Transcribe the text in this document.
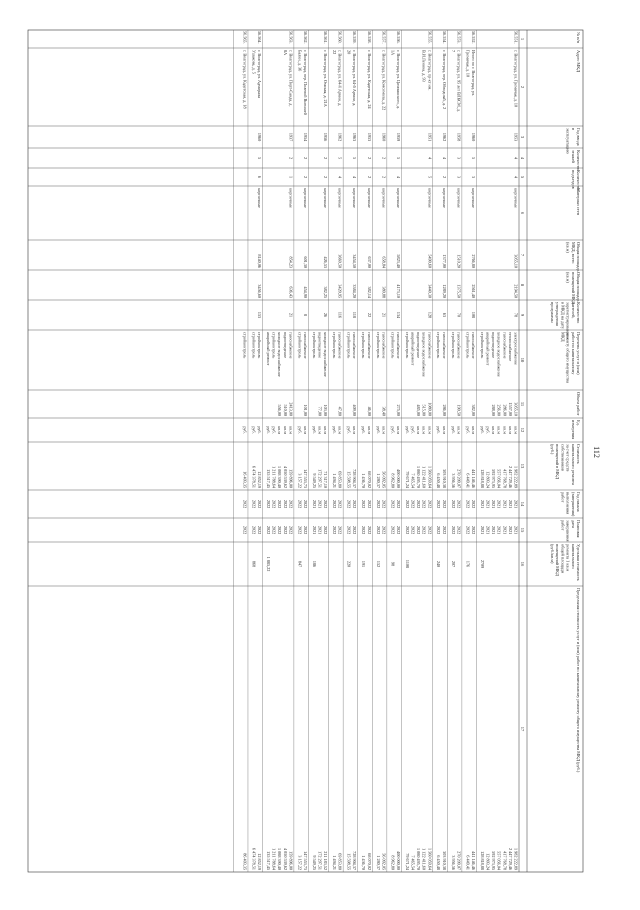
№ п/п
Адрес МКД
Год ввода
в
эксплуатацию
Количество
этажей
Количество
подъездов
Материал стен
Общая площадь
МКД, всего
(кв.м)
Общая площадь
помещений МКД
(кв.м)
Количество
жителей,
зарегистрированных
в МКД на дату
утверждения
программы
Перечень услуг и (или)
работ по капитальному
ремонту общего имущества
МКД
Объем работ
Ед.
измерения
Стоимость
капитального ремонта
за счет средств
собственников
помещений в МКД
(руб.)
Год начала
(завершения)
выполнения
работ
Плановая
дата
завершения
работ
Удельная стоимость
капитального
ремонта 1 кв.м
общей площади
помещений МКД
(руб./кв.м)
Предельная стоимость услуг и (или) работ по капитальному ремонту общего имущества МКД (руб.)
1
2
3
4
5
6
7
8
9
10
11
12
13
14
15
16
17
56.551.
г. Волгоград, ул. Гремячая, д. 10
1953
4
4
кирпичные
3055,10
2194,50
78
электроснабжение
3055,10
кв.м
1 982 222,89
2021
2021
1 982 222,89
теплоснабжение
1557,00
кв.м
2 447 729,46
2021
2021
2 447 729,46
газоснабжение
286,00
кв.м
417 768,78
2021
2021
417 768,78
холодное водоснабжение
256,00
кв.м
557 056,04
2021
2021
557 056,04
водоотведение
288,00
кв.м
592 973,95
2021
2021
592 973,95
аварийный ремонт
руб.
12 803,24
2021
2021
12 803,24
стройконтроль
руб.
128 818,88
2021
2021
128 818,88
2709
56.552.
Итого по г. Волгоград, ул.
Гремячая, д. 10
1960
5
3
кирпичные
2766,80
2561,40
108
газоснабжение
382,00
кв.м
441 146,46
2022
2022
441 146,46
стройконтроль
руб.
6 449,41
2022
2022
6 449,41
176
56.553.
г. Волгоград, ул. 95 лет ВЛКСМ, д.
7
1958
3
3
кирпичные
1510,20
1375,50
70
газоснабжение
190,50
кв.м
270 209,07
2022
2022
270 209,07
стройконтроль
руб.
3 956,56
2022
2022
3 956,56
207
56.554.
г. Волгоград, пер. Обводный, д. 2
1962
4
2
кирпичные
1377,00
1289,20
63
газоснабжение
286,00
кв.м
303 910,38
2022
2022
303 910,38
стройконтроль
руб.
6 450,48
2022
2022
6 450,48
240
56.555.
г. Волгоград, пр-кт им.
В.И.Ленина, д. 93
1951
4
5
кирпичные
5490,60
3440,30
128
газоснабжение
1080,00
кв.м
1 560 059,64
2022
2022
1 560 059,64
холодное водоснабжение
515,00
кв.м
1 122 411,60
2022
2022
1 122 411,60
водоотведение
485,00
кв.м
1 080 495,70
2022
2022
1 080 495,70
аварийный ремонт
руб.
7 465,54
2022
2022
7 465,54
стройконтроль
руб.
79 671,24
2022
2022
79 671,24
1108
56.556.
г. Волгоград, ул. Цимлянского, д.
1А
1959
5
4
кирпичные
5823,40
4173,10
134
газоснабжение
275,00
кв.м
400 000,00
2022
2022
400 000,00
стройконтроль
руб.
8 962,80
2022
2022
8 962,80
98
56.557.
г. Волгоград, ул. Комсомола, д. 22
1960
2
2
кирпичные
658,84
380,88
21
газоснабжение
38,40
кв.м
56 092,05
2022
2022
56 092,05
стройконтроль
руб.
1 280,37
2022
2022
1 280,37
152
56.558.
г. Волгоград, ул. Кадетская, д. 24
1953
2
2
кирпичные
637,00
382,14
22
газоснабжение
46,00
кв.м
68 070,02
2022
2022
68 070,02
стройконтроль
руб.
1 436,70
2022
2022
1 436,70
191
56.559.
г. Волгоград, ул. 64-й Армии, д.
20
1963
5
4
кирпичные
3454,50
3384,20
118
газоснабжение
409,00
кв.м
728 904,37
2022
2022
728 904,37
стройконтроль
руб.
15 598,55
2022
2022
15 598,55
220
56.560.
г. Волгоград, ул. 64-й Армии, д.
22
1962
5
4
кирпичные
3660,50
3420,95
116
газоснабжение
47,80
кв.м
69 853,80
2022
2022
69 853,80
стройконтроль
руб.
1 494,21
2022
2022
1 494,21
56.561.
г. Волгоград, ул. Омская, д. 21А
1956
2
2
кирпичные
426,53
382,25
26
холодное водоснабжение
103,00
кв.м
71 317,10
2022
2022
211 183,52
водоотведение
77,00
кв.м
172 297,51
2021
2021
172 297,51
стройконтроль
руб.
9 549,25
2021
2021
9 549,25
186
56.562.
г. Волгоград, пер. Полевой Внешней
Балки, д. 36
1954
2
2
кирпичные
601,30
454,90
8
газоснабжение
101,00
кв.м
147 553,73
2022
2022
147 553,73
стройконтроль
руб.
3 157,22
2022
2022
3 157,22
847
56.563.
г. Волгоград, ул. Порт-Саида, д.
8А
1937
2
1
кирпичные
854,23
636,43
21
газоснабжение
2413,00
кв.м
159 896,00
2022
2022
159 896,00
водоотведение
510,00
кв.м
4 050 539,62
2022
2022
4 050 539,62
холодное водоснабжение
556,00
кв.м
1 088 390,40
2022
2022
1 088 390,40
стройконтроль
руб.
1 211 788,64
2022
2022
1 211 788,64
аварийный ремонт
руб.
135 517,45
2022
2022
135 517,45
1 885,22
56.564.
г. Волгоград, ул. Адмирала
Ушакова, д. 5
1960
5
6
кирпичные
8140,06
3456,60
153
стройконтроль
руб.
12 852,19
2022
2022
12 852,19
стройконтроль
руб.
6 474 378,51
2022
2022
6 474 378,51
868
56.565.
г. Волгоград, ул. Кадетская, д. 18
стройконтроль
руб.
16 403,35
2022
2022
86 403,35
112
